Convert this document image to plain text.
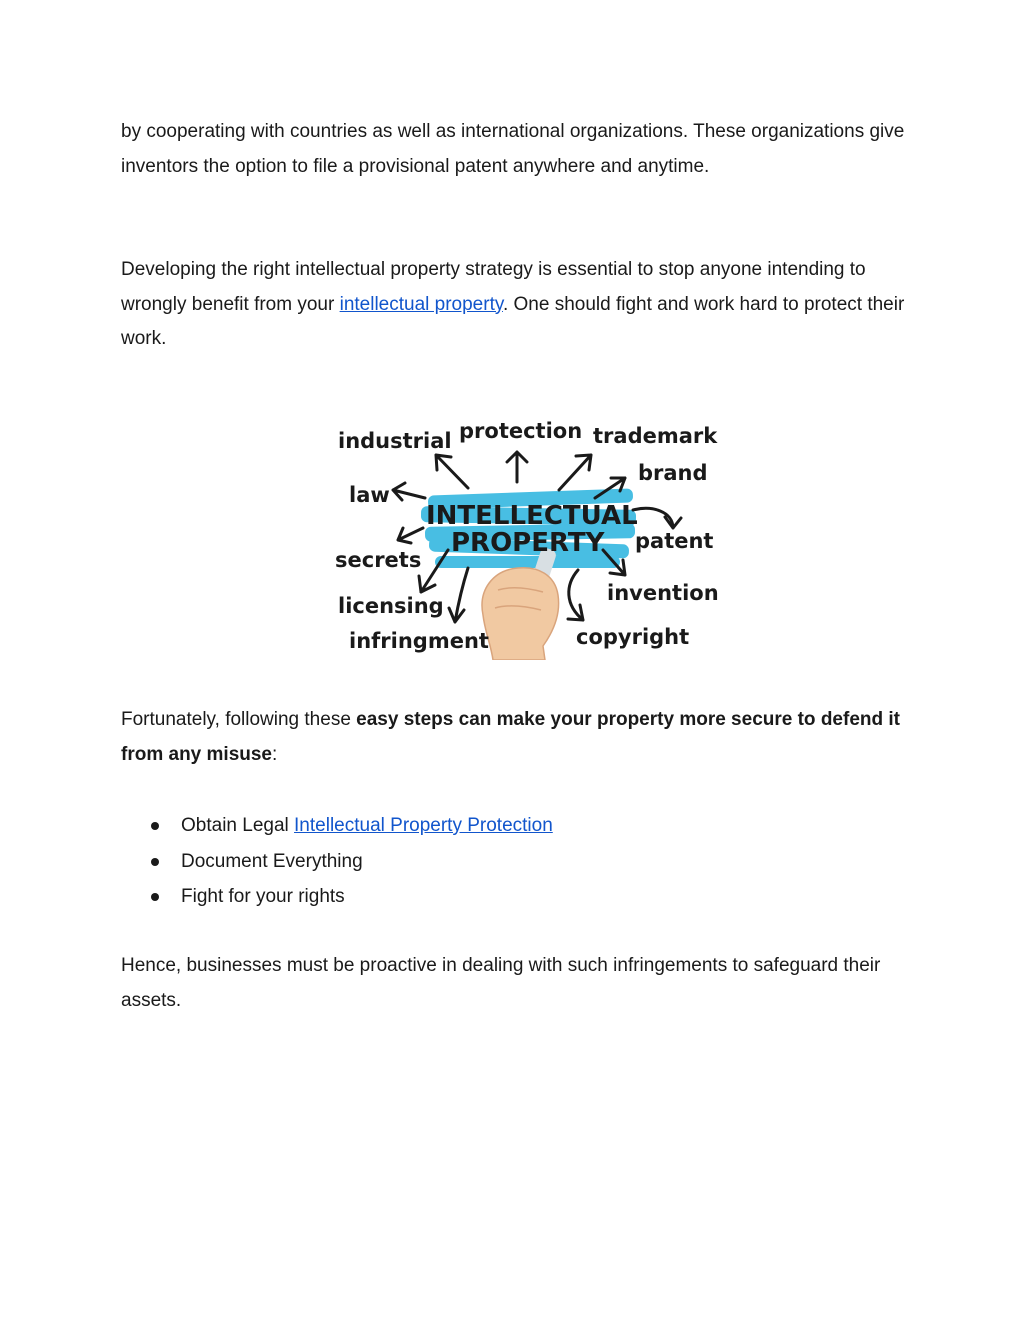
by cooperating with countries as well as international organizations. These organizations give inventors the option to file a provisional patent anywhere and anytime.

Developing the right intellectual property strategy is essential to stop anyone intending to wrongly benefit from your intellectual property. One should fight and work hard to protect their work.

Fortunately, following these easy steps can make your property more secure to defend it from any misuse:

Obtain Legal Intellectual Property Protection
Document Everything
Fight for your rights

Hence, businesses must be proactive in dealing with such infringements to safeguard their assets.

INTELLECTUAL
PROPERTY
industrial protection trademark
brand
law
patent
secrets
invention
licensing
infringment	copyright
